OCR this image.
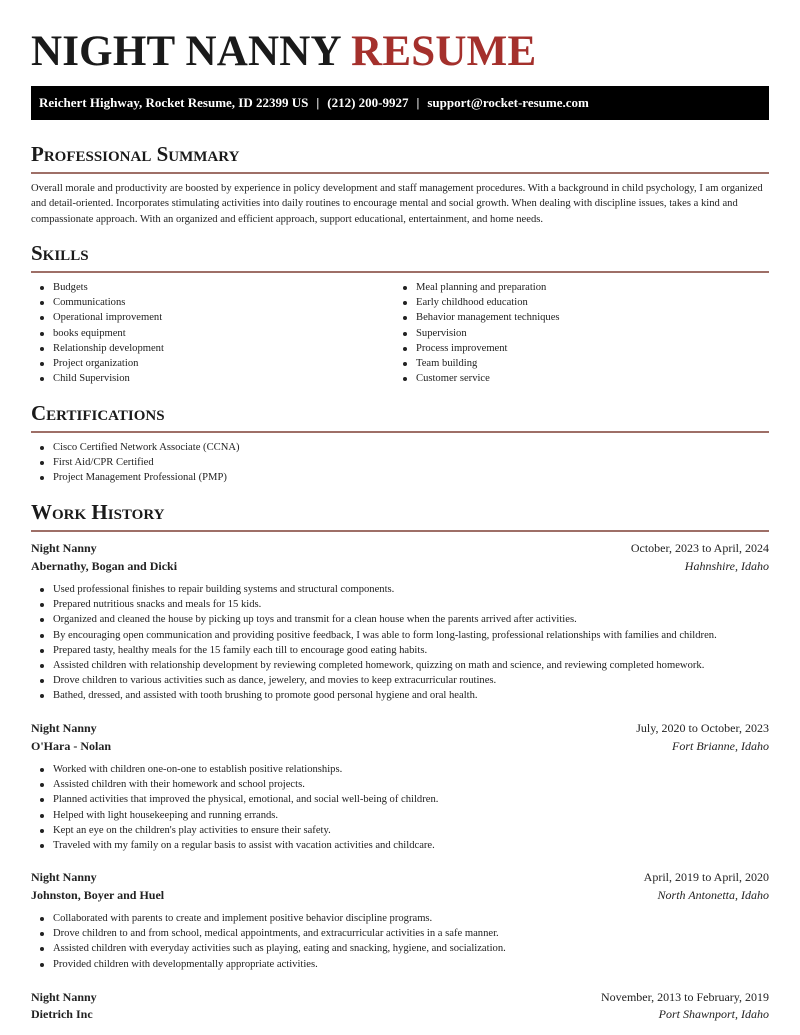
NIGHT NANNY RESUME
Reichert Highway, Rocket Resume, ID 22399 US | (212) 200-9927 | support@rocket-resume.com
Professional Summary

Overall morale and productivity are boosted by experience in policy development and staff management procedures. With a background in child psychology, I am organized and detail-oriented. Incorporates stimulating activities into daily routines to encourage mental and social growth. When dealing with discipline issues, takes a kind and compassionate approach. With an organized and efficient approach, support educational, entertainment, and home needs.

Skills
Budgets
Communications
Operational improvement
books equipment
Relationship development
Project organization
Child Supervision
Meal planning and preparation
Early childhood education
Behavior management techniques
Supervision
Process improvement
Team building
Customer service
Certifications
Cisco Certified Network Associate (CCNA)
First Aid/CPR Certified
Project Management Professional (PMP)
Work History
Night Nanny	October, 2023 to April, 2024
Abernathy, Bogan and Dicki	Hahnshire, Idaho
Used professional finishes to repair building systems and structural components.
Prepared nutritious snacks and meals for 15 kids.
Organized and cleaned the house by picking up toys and transmit for a clean house when the parents arrived after activities.
By encouraging open communication and providing positive feedback, I was able to form long-lasting, professional relationships with families and children.
Prepared tasty, healthy meals for the 15 family each till to encourage good eating habits.
Assisted children with relationship development by reviewing completed homework, quizzing on math and science, and reviewing completed homework.
Drove children to various activities such as dance, jewelery, and movies to keep extracurricular routines.
Bathed, dressed, and assisted with tooth brushing to promote good personal hygiene and oral health.
Night Nanny	July, 2020 to October, 2023
O'Hara - Nolan	Fort Brianne, Idaho
Worked with children one-on-one to establish positive relationships.
Assisted children with their homework and school projects.
Planned activities that improved the physical, emotional, and social well-being of children.
Helped with light housekeeping and running errands.
Kept an eye on the children's play activities to ensure their safety.
Traveled with my family on a regular basis to assist with vacation activities and childcare.
Night Nanny	April, 2019 to April, 2020
Johnston, Boyer and Huel	North Antonetta, Idaho
Collaborated with parents to create and implement positive behavior discipline programs.
Drove children to and from school, medical appointments, and extracurricular activities in a safe manner.
Assisted children with everyday activities such as playing, eating and snacking, hygiene, and socialization.
Provided children with developmentally appropriate activities.
Night Nanny	November, 2013 to February, 2019
Dietrich Inc	Port Shawnport, Idaho
